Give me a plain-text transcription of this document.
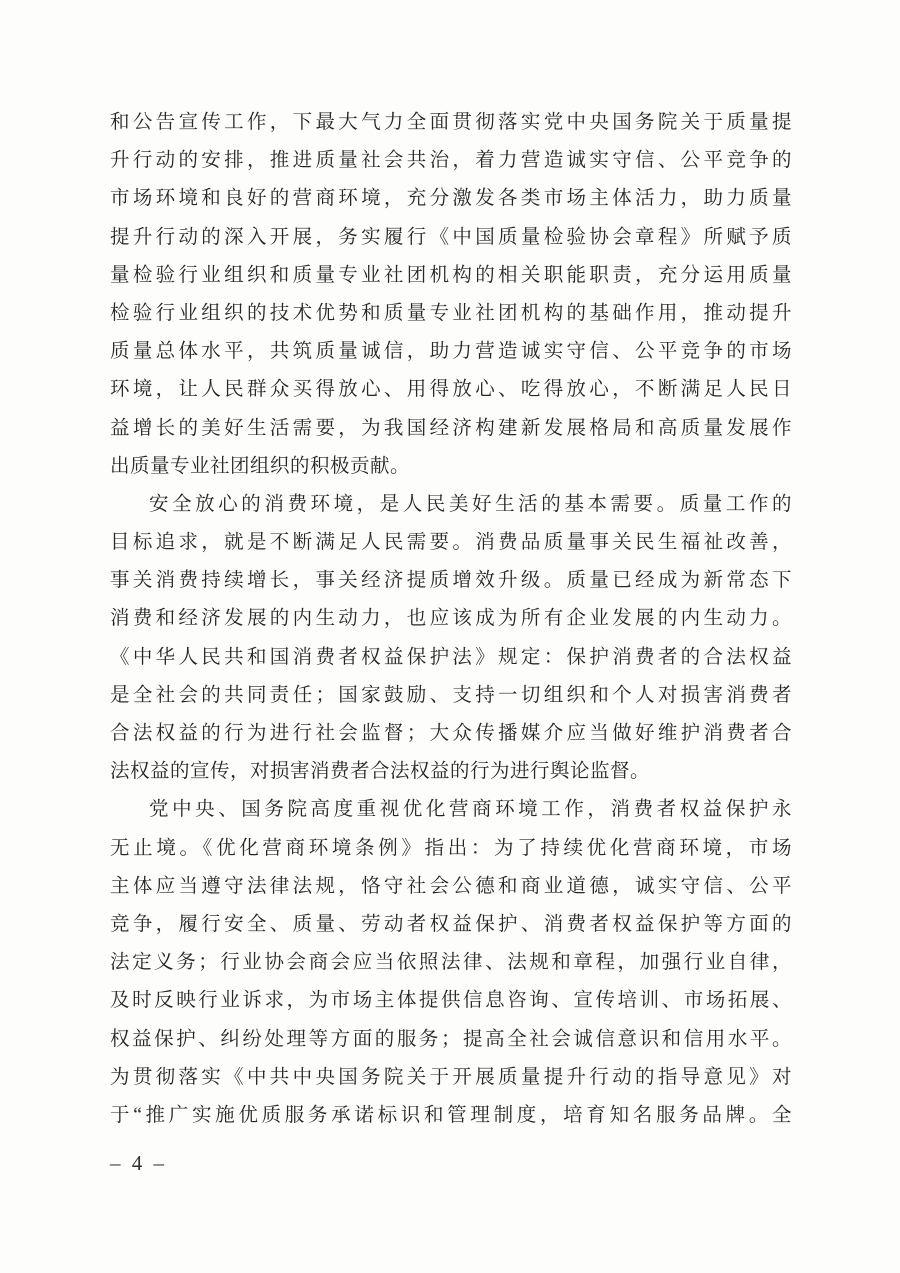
和公告宣传工作，下最大气力全面贯彻落实党中央国务院关于质量提
升行动的安排，推进质量社会共治，着力营造诚实守信、公平竞争的
市场环境和良好的营商环境，充分激发各类市场主体活力，助力质量
提升行动的深入开展，务实履行《中国质量检验协会章程》所赋予质
量检验行业组织和质量专业社团机构的相关职能职责，充分运用质量
检验行业组织的技术优势和质量专业社团机构的基础作用，推动提升
质量总体水平，共筑质量诚信，助力营造诚实守信、公平竞争的市场
环境，让人民群众买得放心、用得放心、吃得放心，不断满足人民日
益增长的美好生活需要，为我国经济构建新发展格局和高质量发展作
出质量专业社团组织的积极贡献。
安全放心的消费环境，是人民美好生活的基本需要。质量工作的
目标追求，就是不断满足人民需要。消费品质量事关民生福祉改善，
事关消费持续增长，事关经济提质增效升级。质量已经成为新常态下
消费和经济发展的内生动力，也应该成为所有企业发展的内生动力。
《中华人民共和国消费者权益保护法》规定：保护消费者的合法权益
是全社会的共同责任；国家鼓励、支持一切组织和个人对损害消费者
合法权益的行为进行社会监督；大众传播媒介应当做好维护消费者合
法权益的宣传，对损害消费者合法权益的行为进行舆论监督。
党中央、国务院高度重视优化营商环境工作，消费者权益保护永
无止境。《优化营商环境条例》指出：为了持续优化营商环境，市场
主体应当遵守法律法规，恪守社会公德和商业道德，诚实守信、公平
竞争，履行安全、质量、劳动者权益保护、消费者权益保护等方面的
法定义务；行业协会商会应当依照法律、法规和章程，加强行业自律，
及时反映行业诉求，为市场主体提供信息咨询、宣传培训、市场拓展、
权益保护、纠纷处理等方面的服务；提高全社会诚信意识和信用水平。
为贯彻落实《中共中央国务院关于开展质量提升行动的指导意见》对
于“推广实施优质服务承诺标识和管理制度，培育知名服务品牌。全
– 4 –
